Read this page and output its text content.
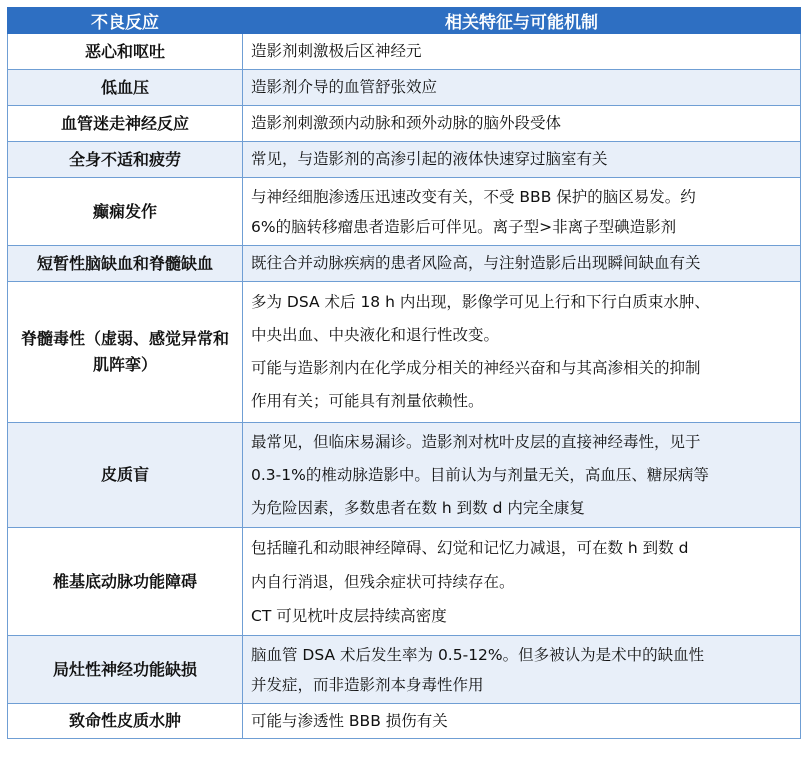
不良反应	相关特征与可能机制
恶心和呕吐	造影剂刺激极后区神经元

低血压	造影剂介导的血管舒张效应

血管迷走神经反应	造影剂刺激颈内动脉和颈外动脉的脑外段受体

全身不适和疲劳	常见，与造影剂的高渗引起的液体快速穿过脑室有关

癫痫发作	与神经细胞渗透压迅速改变有关，不受 BBB 保护的脑区易发。约
6%的脑转移瘤患者造影后可伴见。离子型>非离子型碘造影剂

短暂性脑缺血和脊髓缺血	既往合并动脉疾病的患者风险高，与注射造影后出现瞬间缺血有关

脊髓毒性（虚弱、感觉异常和肌阵挛）	多为 DSA 术后 18 h 内出现，影像学可见上行和下行白质束水肿、
中央出血、中央液化和退行性改变。
可能与造影剂内在化学成分相关的神经兴奋和与其高渗相关的抑制
作用有关；可能具有剂量依赖性。

皮质盲	最常见，但临床易漏诊。造影剂对枕叶皮层的直接神经毒性，见于
0.3-1%的椎动脉造影中。目前认为与剂量无关，高血压、糖尿病等
为危险因素，多数患者在数 h 到数 d 内完全康复

椎基底动脉功能障碍	包括瞳孔和动眼神经障碍、幻觉和记忆力减退，可在数 h 到数 d
内自行消退，但残余症状可持续存在。
CT 可见枕叶皮层持续高密度

局灶性神经功能缺损	脑血管 DSA 术后发生率为 0.5-12%。但多被认为是术中的缺血性
并发症，而非造影剂本身毒性作用

致命性皮质水肿	可能与渗透性 BBB 损伤有关
